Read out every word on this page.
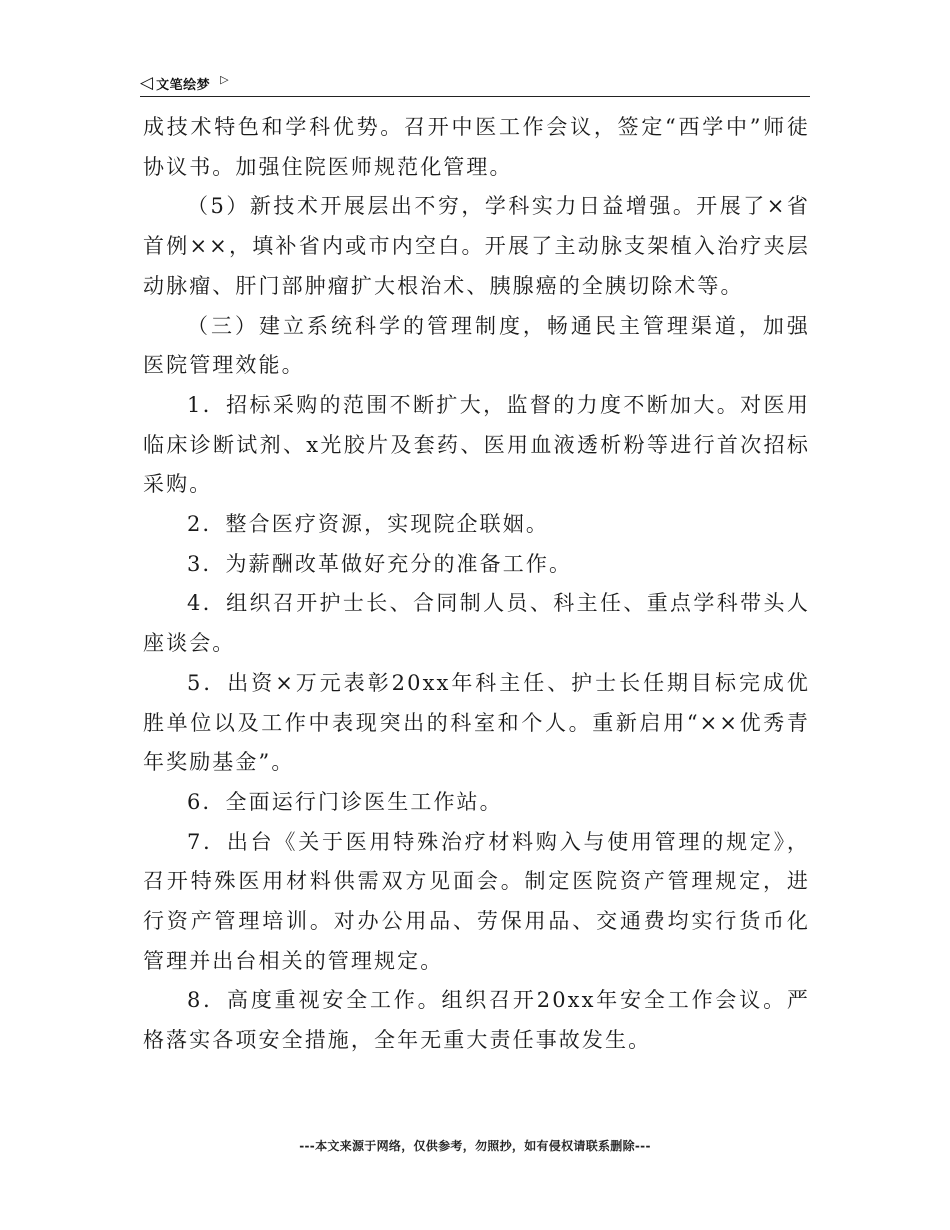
◁ 文笔绘梦 ▷

成技术特色和学科优势。召开中医工作会议，签定“西学中”师徒协议书。加强住院医师规范化管理。

（5）新技术开展层出不穷，学科实力日益增强。开展了×省首例××，填补省内或市内空白。开展了主动脉支架植入治疗夹层动脉瘤、肝门部肿瘤扩大根治术、胰腺癌的全胰切除术等。

（三）建立系统科学的管理制度，畅通民主管理渠道，加强医院管理效能。

1．招标采购的范围不断扩大，监督的力度不断加大。对医用临床诊断试剂、x光胶片及套药、医用血液透析粉等进行首次招标采购。

2．整合医疗资源，实现院企联姻。

3．为薪酬改革做好充分的准备工作。

4．组织召开护士长、合同制人员、科主任、重点学科带头人座谈会。

5．出资×万元表彰20xx年科主任、护士长任期目标完成优胜单位以及工作中表现突出的科室和个人。重新启用“××优秀青年奖励基金”。

6．全面运行门诊医生工作站。

7．出台《关于医用特殊治疗材料购入与使用管理的规定》，召开特殊医用材料供需双方见面会。制定医院资产管理规定，进行资产管理培训。对办公用品、劳保用品、交通费均实行货币化管理并出台相关的管理规定。

8．高度重视安全工作。组织召开20xx年安全工作会议。严格落实各项安全措施，全年无重大责任事故发生。

---本文来源于网络，仅供参考，勿照抄，如有侵权请联系删除---
